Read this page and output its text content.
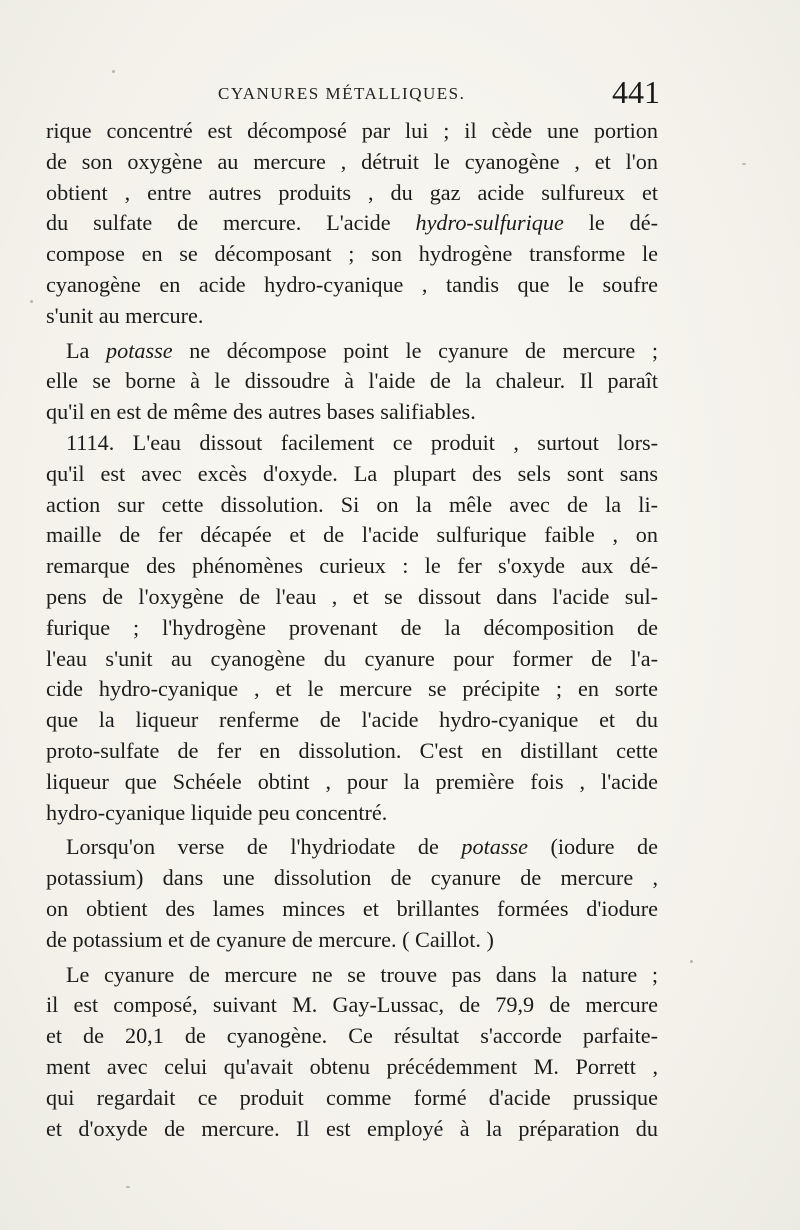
CYANURES MÉTALLIQUES.	441
rique concentré est décomposé par lui ; il cède une portion
de son oxygène au mercure , détruit le cyanogène , et l'on
obtient , entre autres produits , du gaz acide sulfureux et
du sulfate de mercure. L'acide hydro-sulfurique le dé-
compose en se décomposant ; son hydrogène transforme le
cyanogène en acide hydro-cyanique , tandis que le soufre
s'unit au mercure.
La potasse ne décompose point le cyanure de mercure ;
elle se borne à le dissoudre à l'aide de la chaleur. Il paraît
qu'il en est de même des autres bases salifiables.
1114. L'eau dissout facilement ce produit , surtout lors-
qu'il est avec excès d'oxyde. La plupart des sels sont sans
action sur cette dissolution. Si on la mêle avec de la li-
maille de fer décapée et de l'acide sulfurique faible , on
remarque des phénomènes curieux : le fer s'oxyde aux dé-
pens de l'oxygène de l'eau , et se dissout dans l'acide sul-
furique ; l'hydrogène provenant de la décomposition de
l'eau s'unit au cyanogène du cyanure pour former de l'a-
cide hydro-cyanique , et le mercure se précipite ; en sorte
que la liqueur renferme de l'acide hydro-cyanique et du
proto-sulfate de fer en dissolution. C'est en distillant cette
liqueur que Schéele obtint , pour la première fois , l'acide
hydro-cyanique liquide peu concentré.
Lorsqu'on verse de l'hydriodate de potasse (iodure de
potassium) dans une dissolution de cyanure de mercure ,
on obtient des lames minces et brillantes formées d'iodure
de potassium et de cyanure de mercure. ( Caillot. )
Le cyanure de mercure ne se trouve pas dans la nature ;
il est composé, suivant M. Gay-Lussac, de 79,9 de mercure
et de 20,1 de cyanogène. Ce résultat s'accorde parfaite-
ment avec celui qu'avait obtenu précédemment M. Porrett ,
qui regardait ce produit comme formé d'acide prussique
et d'oxyde de mercure. Il est employé à la préparation du
